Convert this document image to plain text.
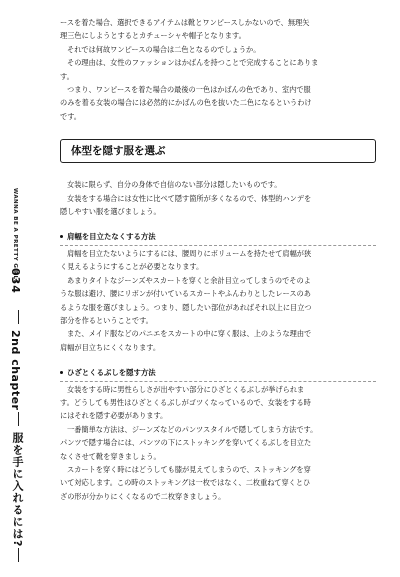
WANNA BE A PRETTY GIRL!
034
2nd chapter
服を手に入れるには?

ースを着た場合、選択できるアイテムは靴とワンピースしかないので、無理矢

理三色にしようとするとカチューシャや帽子となります。

それでは何故ワンピースの場合は二色となるのでしょうか。

その理由は、女性のファッションはかばんを持つことで完成することにありま

す。

つまり、ワンピースを着た場合の最後の一色はかばんの色であり、室内で服

のみを着る女装の場合には必然的にかばんの色を抜いた二色になるというわけ

です。

体型を隠す服を選ぶ

女装に限らず、自分の身体で自信のない部分は隠したいものです。

女装をする場合には女性に比べて隠す箇所が多くなるので、体型的ハンデを

隠しやすい服を選びましょう。

肩幅を目立たなくする方法

肩幅を目立たないようにするには、腰周りにボリュームを持たせて肩幅が狭

く見えるようにすることが必要となります。

あまりタイトなジーンズやスカートを穿くと余計目立ってしまうのでそのよ

うな服は避け、腰にリボンが付いているスカートやふんわりとしたレースのあ

るような服を選びましょう。つまり、隠したい部位があればそれ以上に目立つ

部分を作るということです。

また、メイド服などのパニエをスカートの中に穿く服は、上のような理由で

肩幅が目立ちにくくなります。

ひざとくるぶしを隠す方法

女装をする時に男性らしさが出やすい部分にひざとくるぶしが挙げられま

す。どうしても男性はひざとくるぶしがゴツくなっているので、女装をする時

にはそれを隠す必要があります。

一番簡単な方法は、ジーンズなどのパンツスタイルで隠してしまう方法です。

パンツで隠す場合には、パンツの下にストッキングを穿いてくるぶしを目立た

なくさせて靴を穿きましょう。

スカートを穿く時にはどうしても膝が見えてしまうので、ストッキングを穿

いて対応します。この時のストッキングは一枚ではなく、二枚重ねて穿くとひ

ざの形が分かりにくくなるので二枚穿きましょう。
